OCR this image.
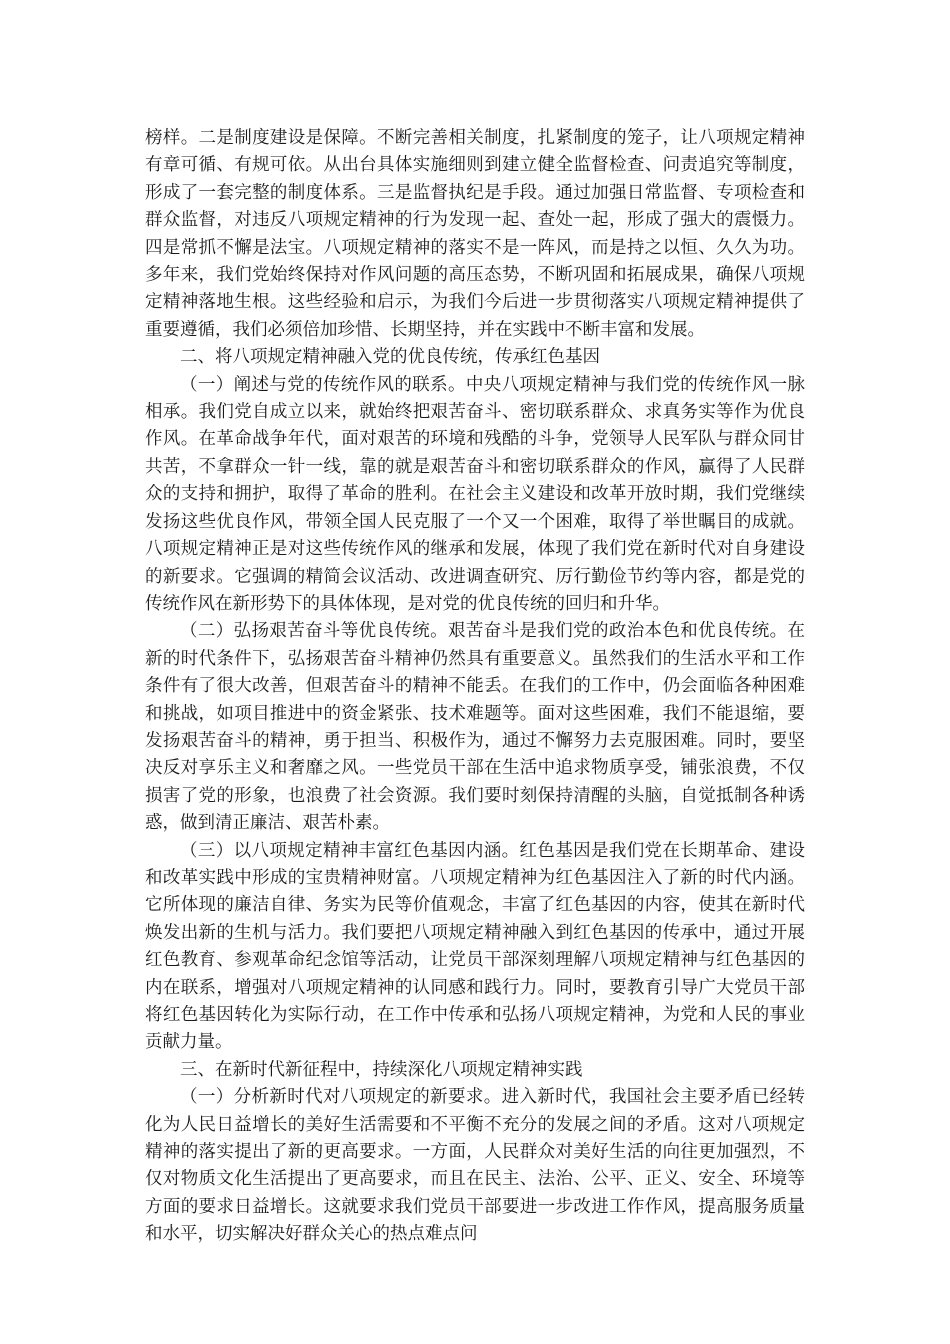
榜样。二是制度建设是保障。不断完善相关制度，扎紧制度的笼子，让八项规定精神有章可循、有规可依。从出台具体实施细则到建立健全监督检查、问责追究等制度，形成了一套完整的制度体系。三是监督执纪是手段。通过加强日常监督、专项检查和群众监督，对违反八项规定精神的行为发现一起、查处一起，形成了强大的震慑力。四是常抓不懈是法宝。八项规定精神的落实不是一阵风，而是持之以恒、久久为功。多年来，我们党始终保持对作风问题的高压态势，不断巩固和拓展成果，确保八项规定精神落地生根。这些经验和启示，为我们今后进一步贯彻落实八项规定精神提供了重要遵循，我们必须倍加珍惜、长期坚持，并在实践中不断丰富和发展。

二、将八项规定精神融入党的优良传统，传承红色基因

（一）阐述与党的传统作风的联系。中央八项规定精神与我们党的传统作风一脉相承。我们党自成立以来，就始终把艰苦奋斗、密切联系群众、求真务实等作为优良作风。在革命战争年代，面对艰苦的环境和残酷的斗争，党领导人民军队与群众同甘共苦，不拿群众一针一线，靠的就是艰苦奋斗和密切联系群众的作风，赢得了人民群众的支持和拥护，取得了革命的胜利。在社会主义建设和改革开放时期，我们党继续发扬这些优良作风，带领全国人民克服了一个又一个困难，取得了举世瞩目的成就。八项规定精神正是对这些传统作风的继承和发展，体现了我们党在新时代对自身建设的新要求。它强调的精简会议活动、改进调查研究、厉行勤俭节约等内容，都是党的传统作风在新形势下的具体体现，是对党的优良传统的回归和升华。

（二）弘扬艰苦奋斗等优良传统。艰苦奋斗是我们党的政治本色和优良传统。在新的时代条件下，弘扬艰苦奋斗精神仍然具有重要意义。虽然我们的生活水平和工作条件有了很大改善，但艰苦奋斗的精神不能丢。在我们的工作中，仍会面临各种困难和挑战，如项目推进中的资金紧张、技术难题等。面对这些困难，我们不能退缩，要发扬艰苦奋斗的精神，勇于担当、积极作为，通过不懈努力去克服困难。同时，要坚决反对享乐主义和奢靡之风。一些党员干部在生活中追求物质享受，铺张浪费，不仅损害了党的形象，也浪费了社会资源。我们要时刻保持清醒的头脑，自觉抵制各种诱惑，做到清正廉洁、艰苦朴素。

（三）以八项规定精神丰富红色基因内涵。红色基因是我们党在长期革命、建设和改革实践中形成的宝贵精神财富。八项规定精神为红色基因注入了新的时代内涵。它所体现的廉洁自律、务实为民等价值观念，丰富了红色基因的内容，使其在新时代焕发出新的生机与活力。我们要把八项规定精神融入到红色基因的传承中，通过开展红色教育、参观革命纪念馆等活动，让党员干部深刻理解八项规定精神与红色基因的内在联系，增强对八项规定精神的认同感和践行力。同时，要教育引导广大党员干部将红色基因转化为实际行动，在工作中传承和弘扬八项规定精神，为党和人民的事业贡献力量。

三、在新时代新征程中，持续深化八项规定精神实践

（一）分析新时代对八项规定的新要求。进入新时代，我国社会主要矛盾已经转化为人民日益增长的美好生活需要和不平衡不充分的发展之间的矛盾。这对八项规定精神的落实提出了新的更高要求。一方面，人民群众对美好生活的向往更加强烈，不仅对物质文化生活提出了更高要求，而且在民主、法治、公平、正义、安全、环境等方面的要求日益增长。这就要求我们党员干部要进一步改进工作作风，提高服务质量和水平，切实解决好群众关心的热点难点问
